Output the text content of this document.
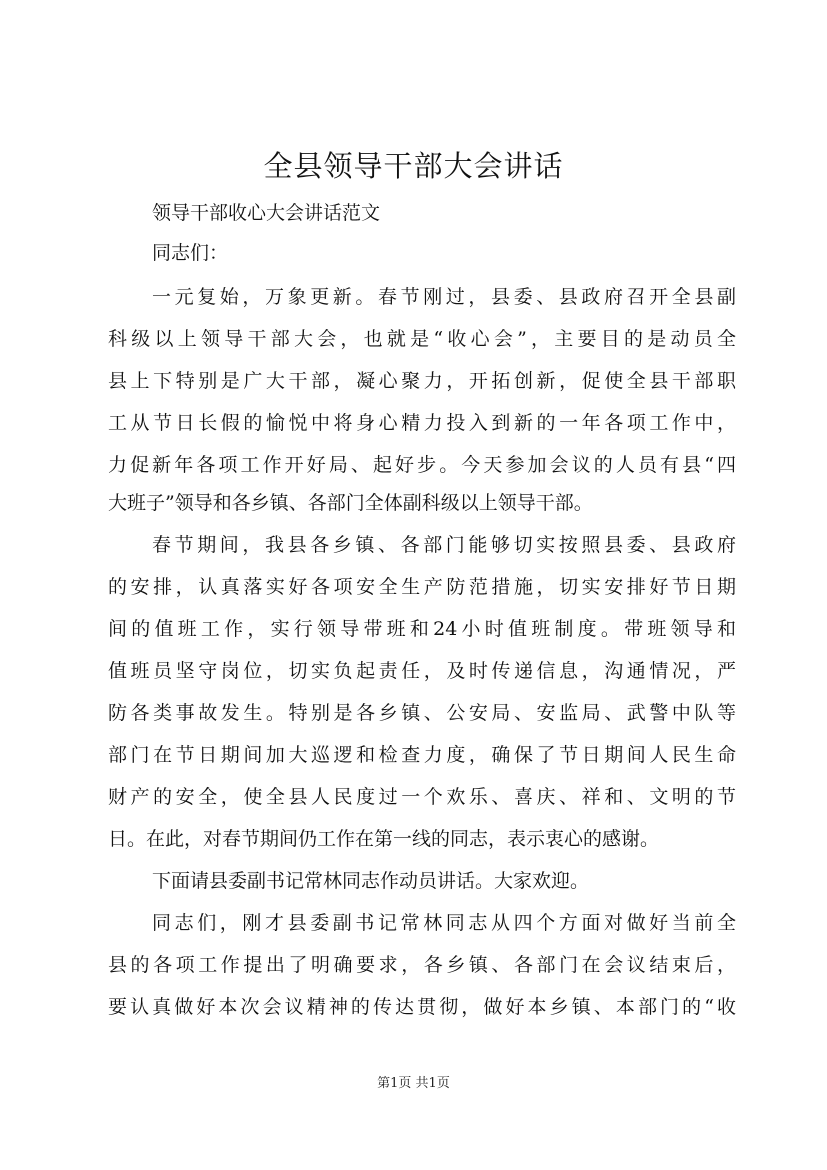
全县领导干部大会讲话
领导干部收心大会讲话范文
同志们：
一元复始，万象更新。春节刚过，县委、县政府召开全县副
科级以上领导干部大会，也就是“收心会”，主要目的是动员全
县上下特别是广大干部，凝心聚力，开拓创新，促使全县干部职
工从节日长假的愉悦中将身心精力投入到新的一年各项工作中，
力促新年各项工作开好局、起好步。今天参加会议的人员有县“四
大班子”领导和各乡镇、各部门全体副科级以上领导干部。
春节期间，我县各乡镇、各部门能够切实按照县委、县政府
的安排，认真落实好各项安全生产防范措施，切实安排好节日期
间的值班工作，实行领导带班和24小时值班制度。带班领导和
值班员坚守岗位，切实负起责任，及时传递信息，沟通情况，严
防各类事故发生。特别是各乡镇、公安局、安监局、武警中队等
部门在节日期间加大巡逻和检查力度，确保了节日期间人民生命
财产的安全，使全县人民度过一个欢乐、喜庆、祥和、文明的节
日。在此，对春节期间仍工作在第一线的同志，表示衷心的感谢。
下面请县委副书记常林同志作动员讲话。大家欢迎。
同志们，刚才县委副书记常林同志从四个方面对做好当前全
县的各项工作提出了明确要求，各乡镇、各部门在会议结束后，
要认真做好本次会议精神的传达贯彻，做好本乡镇、本部门的“收
第1页 共1页
